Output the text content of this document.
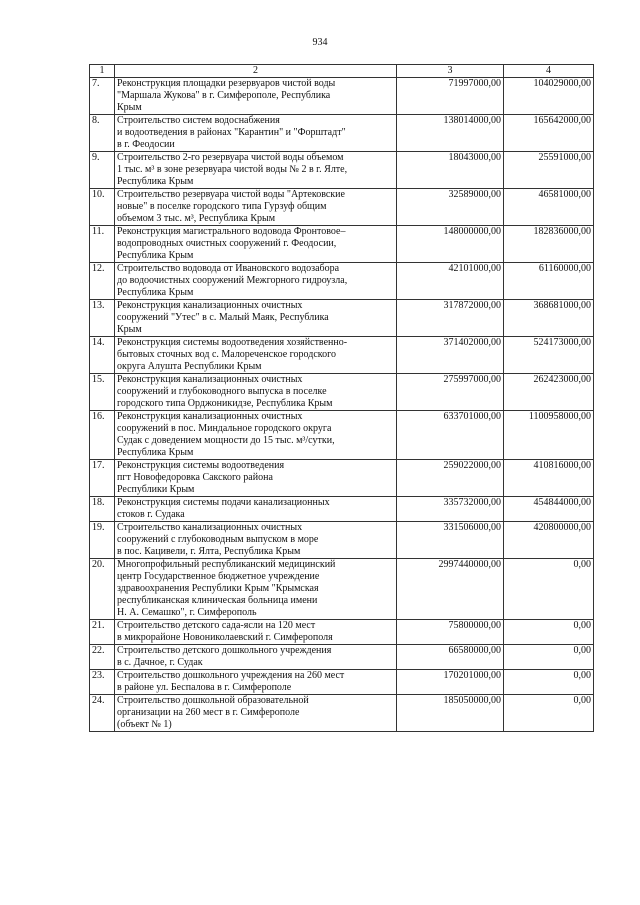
934
1	2	3	4
7.	Реконструкция площадки резервуаров чистой воды
"Маршала Жукова" в г. Симферополе, Республика
Крым	71997000,00	104029000,00
8.	Строительство систем водоснабжения
и водоотведения в районах "Карантин" и "Форштадт"
в г. Феодосии	138014000,00	165642000,00
9.	Строительство 2-го резервуара чистой воды объемом
1 тыс. м³ в зоне резервуара чистой воды № 2 в г. Ялте,
Республика Крым	18043000,00	25591000,00
10.	Строительство резервуара чистой воды "Артековские
новые" в поселке городского типа Гурзуф общим
объемом 3 тыс. м³, Республика Крым	32589000,00	46581000,00
11.	Реконструкция магистрального водовода Фронтовое–
водопроводных очистных сооружений г. Феодосии,
Республика Крым	148000000,00	182836000,00
12.	Строительство водовода от Ивановского водозабора
до водоочистных сооружений Межгорного гидроузла,
Республика Крым	42101000,00	61160000,00
13.	Реконструкция канализационных очистных
сооружений "Утес" в с. Малый Маяк, Республика
Крым	317872000,00	368681000,00
14.	Реконструкция системы водоотведения хозяйственно-
бытовых сточных вод с. Малореченское городского
округа Алушта Республики Крым	371402000,00	524173000,00
15.	Реконструкция канализационных очистных
сооружений и глубоководного выпуска в поселке
городского типа Орджоникидзе, Республика Крым	275997000,00	262423000,00
16.	Реконструкция канализационных очистных
сооружений в пос. Миндальное городского округа
Судак с доведением мощности до 15 тыс. м³/сутки,
Республика Крым	633701000,00	1100958000,00
17.	Реконструкция системы водоотведения
пгт Новофедоровка Сакского района
Республики Крым	259022000,00	410816000,00
18.	Реконструкция системы подачи канализационных
стоков г. Судака	335732000,00	454844000,00
19.	Строительство канализационных очистных
сооружений с глубоководным выпуском в море
в пос. Кацивели, г. Ялта, Республика Крым	331506000,00	420800000,00
20.	Многопрофильный республиканский медицинский
центр Государственное бюджетное учреждение
здравоохранения Республики Крым "Крымская
республиканская клиническая больница имени
Н. А. Семашко", г. Симферополь	2997440000,00	0,00
21.	Строительство детского сада-ясли на 120 мест
в микрорайоне Новониколаевский г. Симферополя	75800000,00	0,00
22.	Строительство детского дошкольного учреждения
в с. Дачное, г. Судак	66580000,00	0,00
23.	Строительство дошкольного учреждения на 260 мест
в районе ул. Беспалова в г. Симферополе	170201000,00	0,00
24.	Строительство дошкольной образовательной
организации на 260 мест в г. Симферополе
(объект № 1)	185050000,00	0,00
